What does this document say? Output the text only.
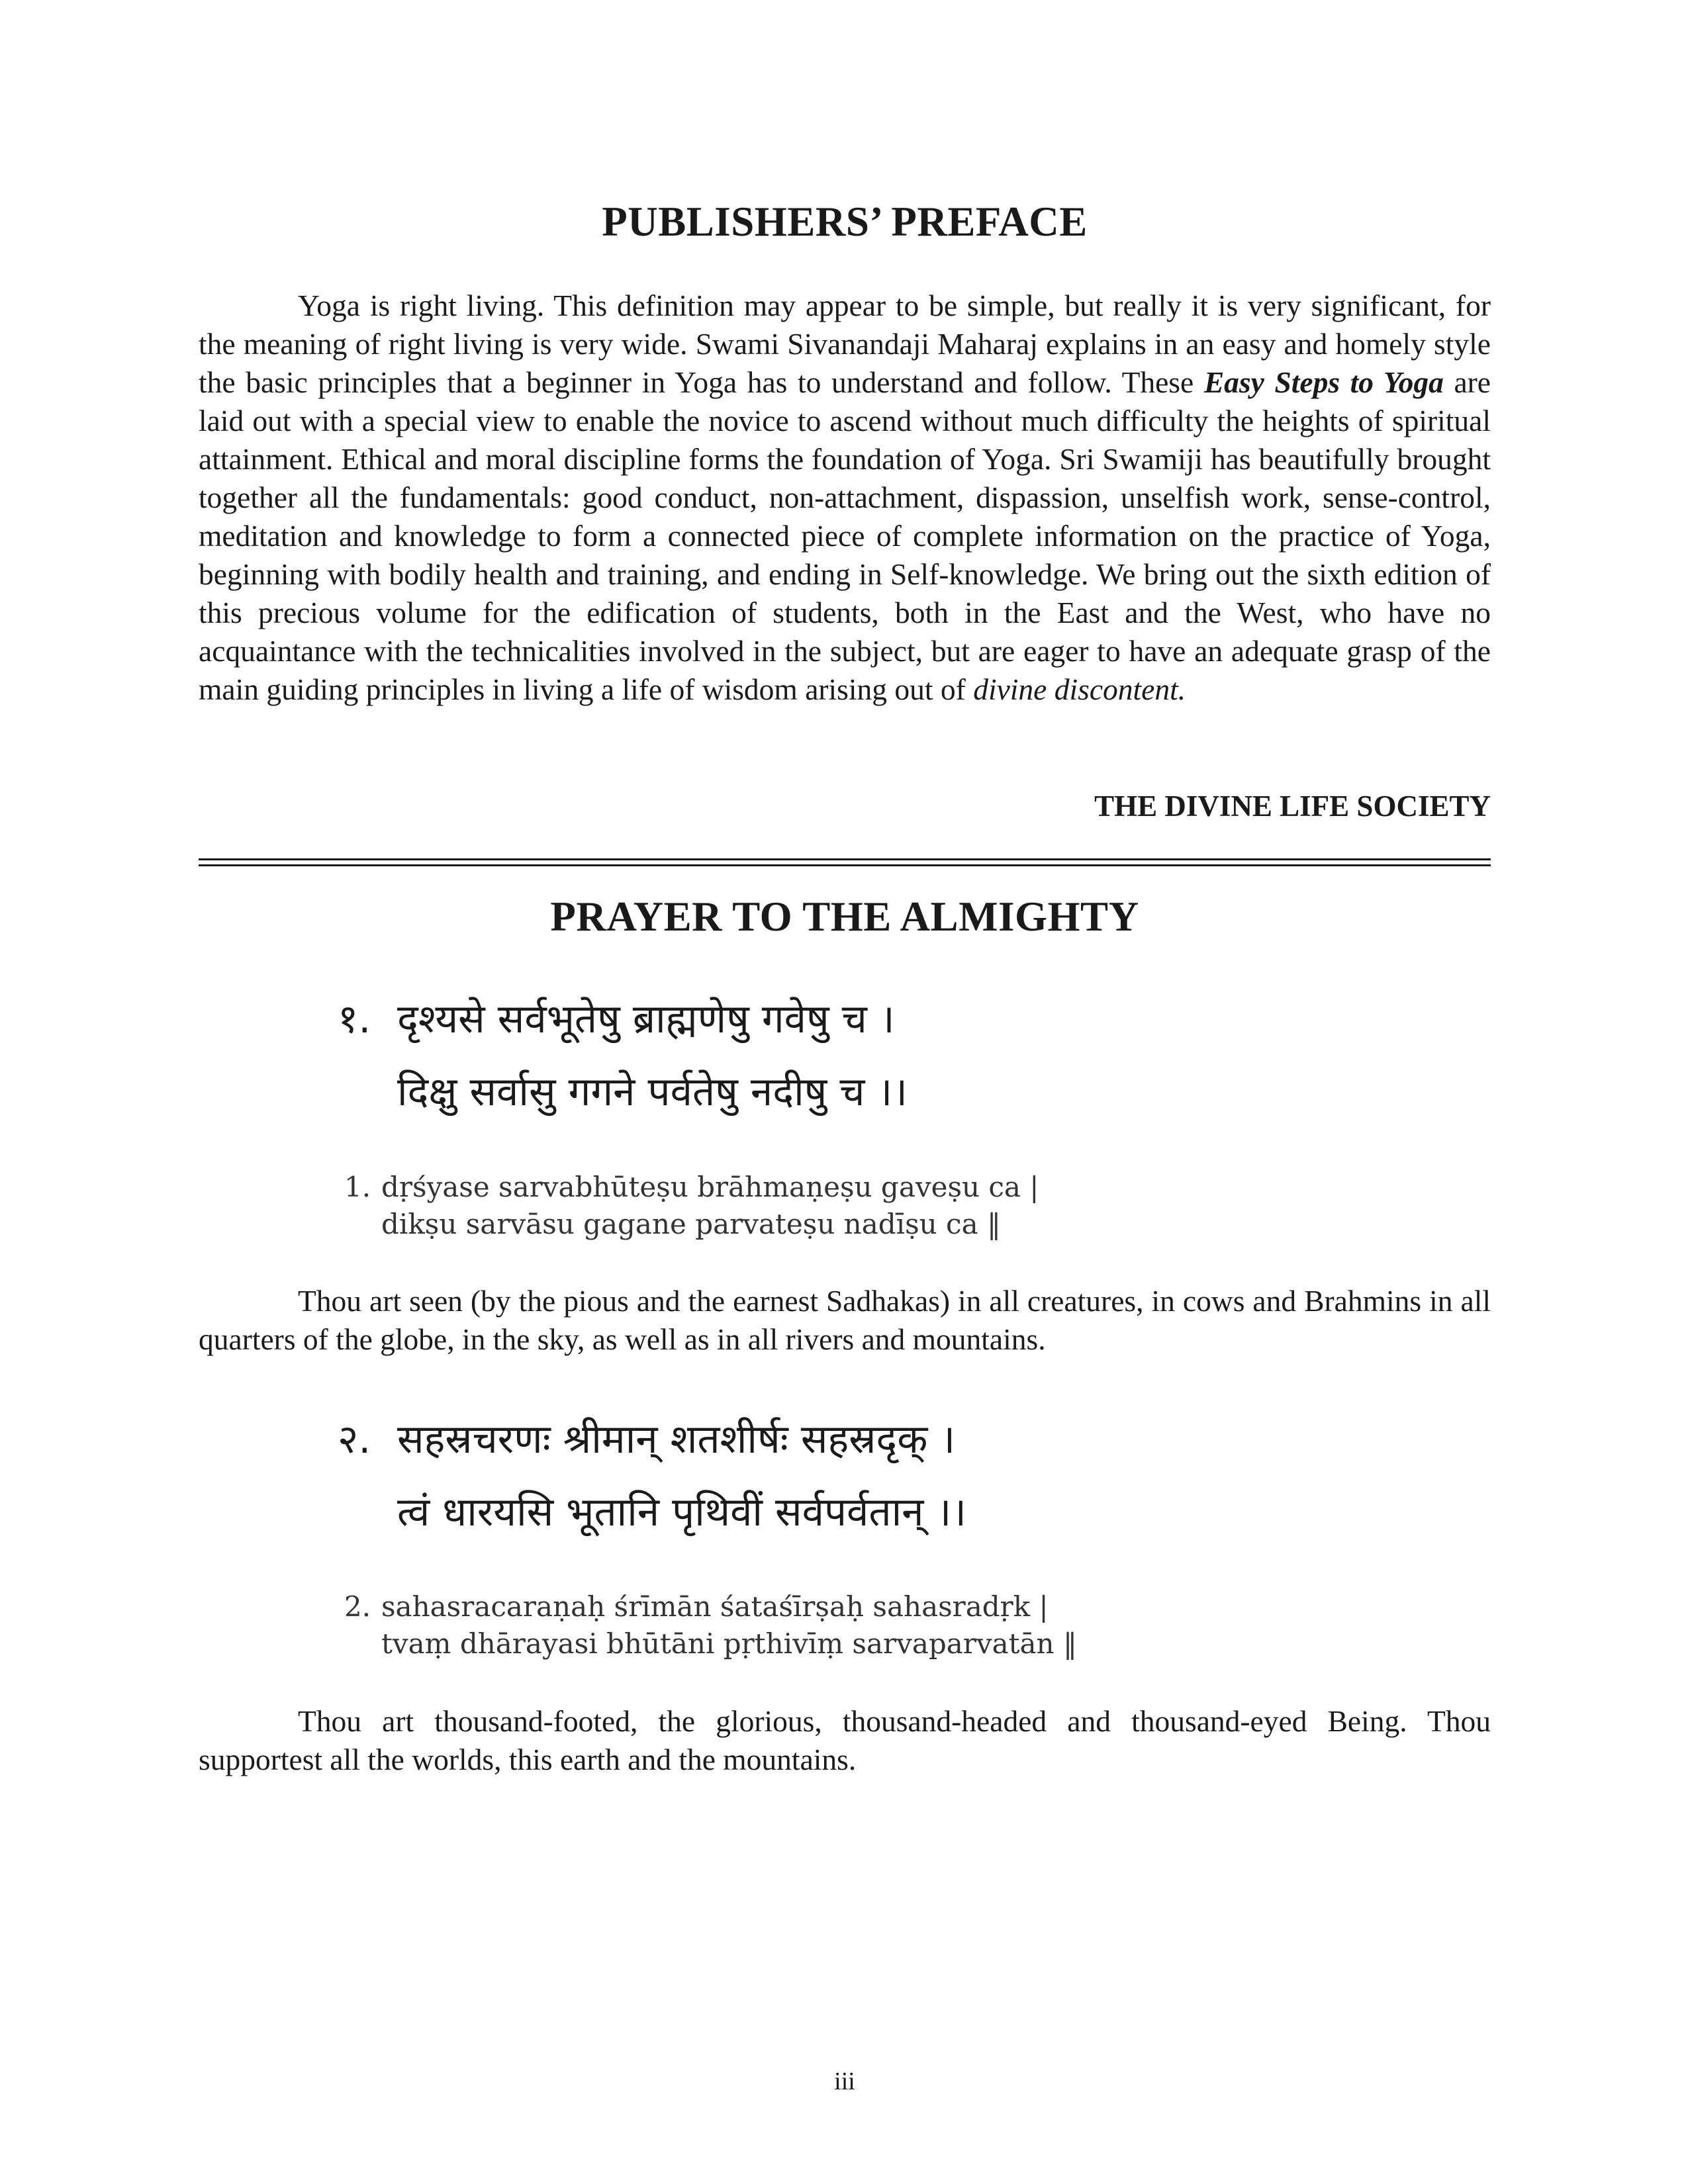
PUBLISHERS’ PREFACE

Yoga is right living. This definition may appear to be simple, but really it is very significant, for the meaning of right living is very wide. Swami Sivanandaji Maharaj explains in an easy and homely style the basic principles that a beginner in Yoga has to understand and follow. These Easy Steps to Yoga are laid out with a special view to enable the novice to ascend without much difficulty the heights of spiritual attainment. Ethical and moral discipline forms the foundation of Yoga. Sri Swamiji has beautifully brought together all the fundamentals: good conduct, non-attachment, dispassion, unselfish work, sense-control, meditation and knowledge to form a connected piece of complete information on the practice of Yoga, beginning with bodily health and training, and ending in Self-knowledge. We bring out the sixth edition of this precious volume for the edification of students, both in the East and the West, who have no acquaintance with the technicalities involved in the subject, but are eager to have an adequate grasp of the main guiding principles in living a life of wisdom arising out of divine discontent.

THE DIVINE LIFE SOCIETY

PRAYER TO THE ALMIGHTY
१. दृश्यसे सर्वभूतेषु ब्राह्मणेषु गवेषु च ।
दिक्षु सर्वासु गगने पर्वतेषु नदीषु च ।।
1. dṛśyase sarvabhūteṣu brāhmaṇeṣu gaveṣu ca |
dikṣu sarvāsu gagane parvateṣu nadīṣu ca ‖

Thou art seen (by the pious and the earnest Sadhakas) in all creatures, in cows and Brahmins in all quarters of the globe, in the sky, as well as in all rivers and mountains.

२. सहस्रचरणः श्रीमान् शतशीर्षः सहस्रदृक् ।
त्वं धारयसि भूतानि पृथिवीं सर्वपर्वतान् ।।
2. sahasracaraṇaḥ śrīmān śataśīrṣaḥ sahasradṛk |
tvaṃ dhārayasi bhūtāni pṛthivīṃ sarvaparvatān ‖

Thou art thousand-footed, the glorious, thousand-headed and thousand-eyed Being. Thou supportest all the worlds, this earth and the mountains.

iii
